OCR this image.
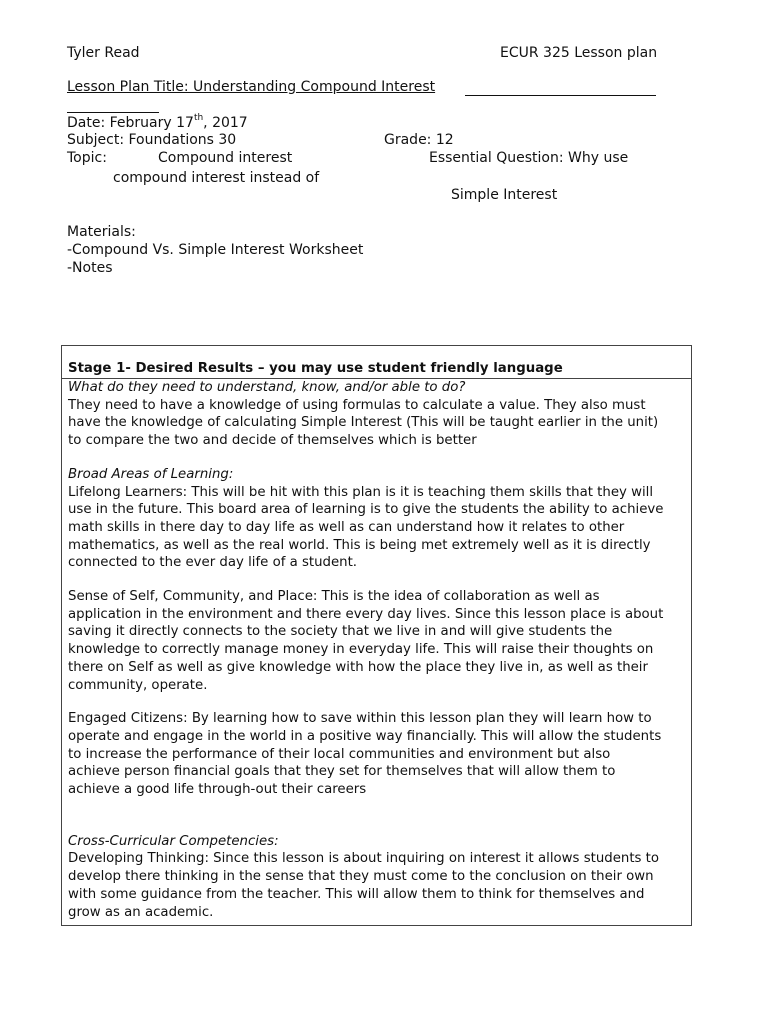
Tyler Read	ECUR 325 Lesson plan
Lesson Plan Title: Understanding Compound Interest
Date: February 17th, 2017
Subject: Foundations 30	Grade: 12
Topic:	Compound interest	Essential Question: Why use
compound interest instead of
Simple Interest
Materials:
-Compound Vs. Simple Interest Worksheet
-Notes
Stage 1- Desired Results – you may use student friendly language

What do they need to understand, know, and/or able to do?

They need to have a knowledge of using formulas to calculate a value. They also must

have the knowledge of calculating Simple Interest (This will be taught earlier in the unit)

to compare the two and decide of themselves which is better

Broad Areas of Learning:

Lifelong Learners: This will be hit with this plan is it is teaching them skills that they will

use in the future. This board area of learning is to give the students the ability to achieve

math skills in there day to day life as well as can understand how it relates to other

mathematics, as well as the real world. This is being met extremely well as it is directly

connected to the ever day life of a student.

Sense of Self, Community, and Place: This is the idea of collaboration as well as

application in the environment and there every day lives. Since this lesson place is about

saving it directly connects to the society that we live in and will give students the

knowledge to correctly manage money in everyday life. This will raise their thoughts on

there on Self as well as give knowledge with how the place they live in, as well as their

community, operate.

Engaged Citizens: By learning how to save within this lesson plan they will learn how to

operate and engage in the world in a positive way financially. This will allow the students

to increase the performance of their local communities and environment but also

achieve person financial goals that they set for themselves that will allow them to

achieve a good life through-out their careers

Cross-Curricular Competencies:

Developing Thinking: Since this lesson is about inquiring on interest it allows students to

develop there thinking in the sense that they must come to the conclusion on their own

with some guidance from the teacher. This will allow them to think for themselves and

grow as an academic.
